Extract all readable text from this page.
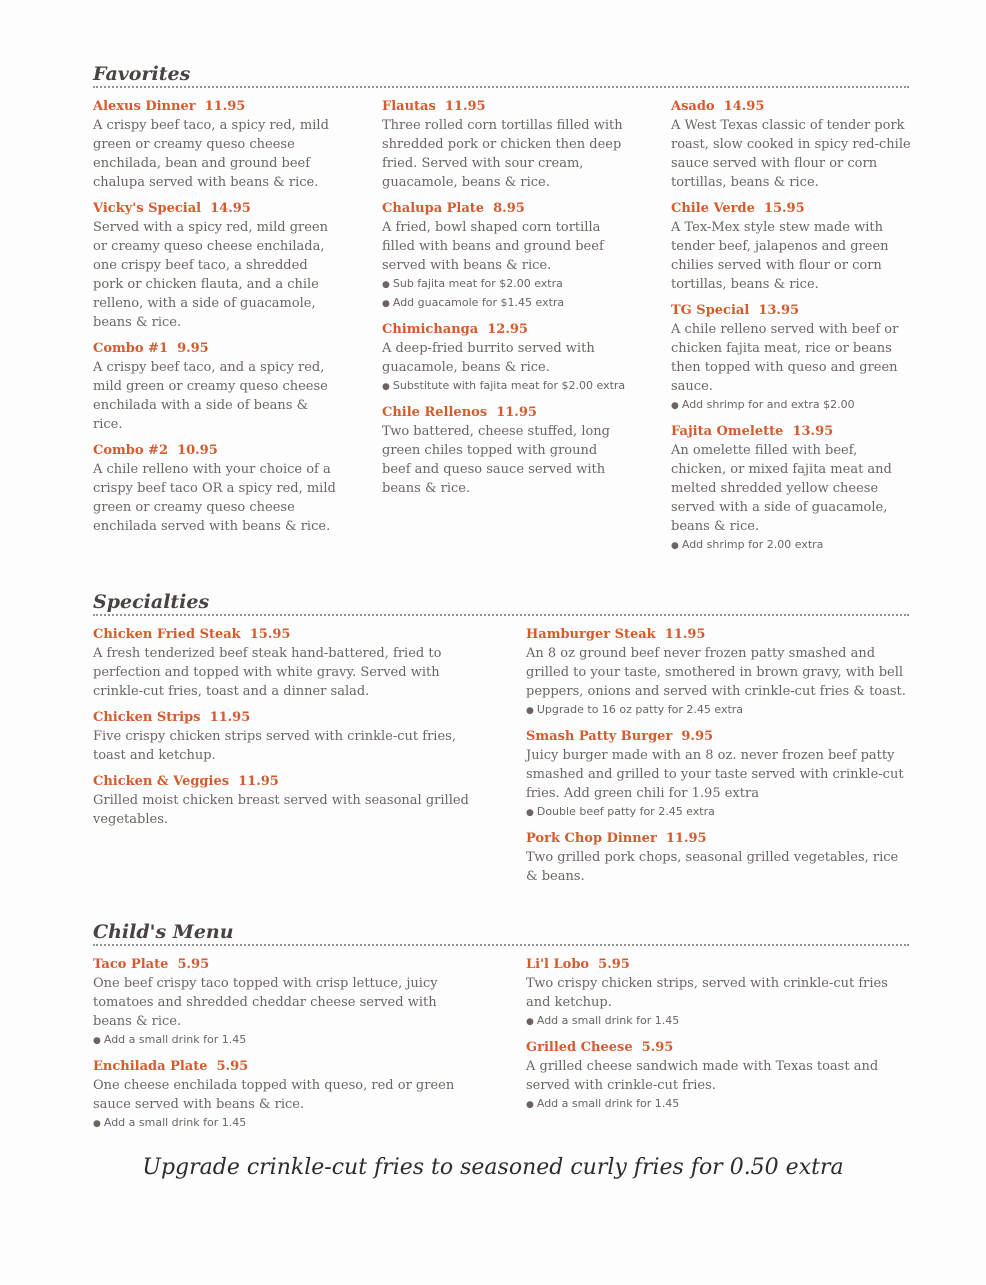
Favorites
Alexus Dinner 11.95
A crispy beef taco, a spicy red, mild green or creamy queso cheese enchilada, bean and ground beef chalupa served with beans & rice.
Vicky's Special 14.95
Served with a spicy red, mild green or creamy queso cheese enchilada, one crispy beef taco, a shredded pork or chicken flauta, and a chile relleno, with a side of guacamole, beans & rice.
Combo #1 9.95
A crispy beef taco, and a spicy red, mild green or creamy queso cheese enchilada with a side of beans & rice.
Combo #2 10.95
A chile relleno with your choice of a crispy beef taco OR a spicy red, mild green or creamy queso cheese enchilada served with beans & rice.
Flautas 11.95
Three rolled corn tortillas filled with shredded pork or chicken then deep fried. Served with sour cream, guacamole, beans & rice.
Chalupa Plate 8.95
A fried, bowl shaped corn tortilla filled with beans and ground beef served with beans & rice.
● Sub fajita meat for $2.00 extra
● Add guacamole for $1.45 extra
Chimichanga 12.95
A deep-fried burrito served with guacamole, beans & rice.
● Substitute with fajita meat for $2.00 extra
Chile Rellenos 11.95
Two battered, cheese stuffed, long green chiles topped with ground beef and queso sauce served with beans & rice.
Asado 14.95
A West Texas classic of tender pork roast, slow cooked in spicy red-chile sauce served with flour or corn tortillas, beans & rice.
Chile Verde 15.95
A Tex-Mex style stew made with tender beef, jalapenos and green chilies served with flour or corn tortillas, beans & rice.
TG Special 13.95
A chile relleno served with beef or chicken fajita meat, rice or beans then topped with queso and green sauce.
● Add shrimp for and extra $2.00
Fajita Omelette 13.95
An omelette filled with beef, chicken, or mixed fajita meat and melted shredded yellow cheese served with a side of guacamole, beans & rice.
● Add shrimp for 2.00 extra
Specialties
Chicken Fried Steak 15.95
A fresh tenderized beef steak hand-battered, fried to perfection and topped with white gravy. Served with crinkle-cut fries, toast and a dinner salad.
Chicken Strips 11.95
Five crispy chicken strips served with crinkle-cut fries, toast and ketchup.
Chicken & Veggies 11.95
Grilled moist chicken breast served with seasonal grilled vegetables.
Hamburger Steak 11.95
An 8 oz ground beef never frozen patty smashed and grilled to your taste, smothered in brown gravy, with bell peppers, onions and served with crinkle-cut fries & toast.
● Upgrade to 16 oz patty for 2.45 extra
Smash Patty Burger 9.95
Juicy burger made with an 8 oz. never frozen beef patty smashed and grilled to your taste served with crinkle-cut fries. Add green chili for 1.95 extra
● Double beef patty for 2.45 extra
Pork Chop Dinner 11.95
Two grilled pork chops, seasonal grilled vegetables, rice & beans.
Child's Menu
Taco Plate 5.95
One beef crispy taco topped with crisp lettuce, juicy tomatoes and shredded cheddar cheese served with beans & rice.
● Add a small drink for 1.45
Enchilada Plate 5.95
One cheese enchilada topped with queso, red or green sauce served with beans & rice.
● Add a small drink for 1.45
Li'l Lobo 5.95
Two crispy chicken strips, served with crinkle-cut fries and ketchup.
● Add a small drink for 1.45
Grilled Cheese 5.95
A grilled cheese sandwich made with Texas toast and served with crinkle-cut fries.
● Add a small drink for 1.45
Upgrade crinkle-cut fries to seasoned curly fries for 0.50 extra
